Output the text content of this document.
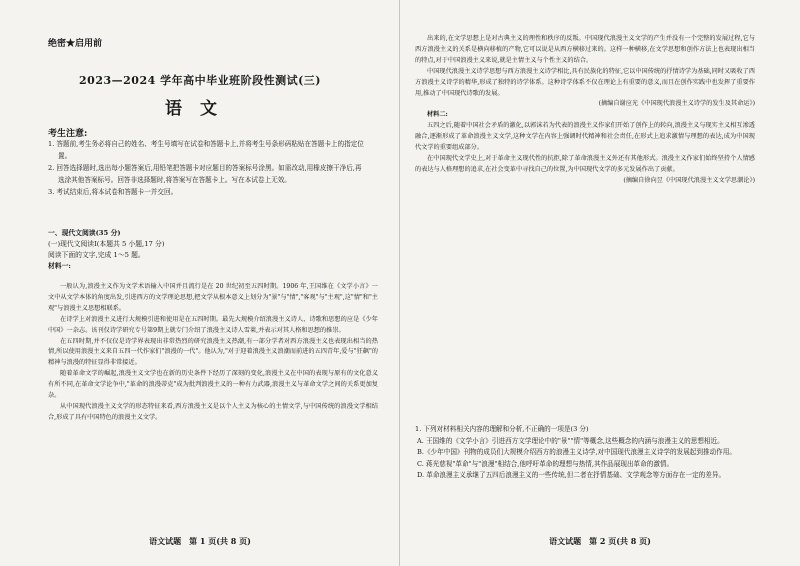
绝密★启用前
2023—2024 学年高中毕业班阶段性测试(三)
语文
考生注意:

1. 答题前,考生务必将自己的姓名、考生号填写在试卷和答题卡上,并将考生号条形码粘贴在答题卡上的指定位置。

2. 回答选择题时,选出每小题答案后,用铅笔把答题卡对应题目的答案标号涂黑。如需改动,用橡皮擦干净后,再选涂其他答案标号。回答非选择题时,将答案写在答题卡上。写在本试卷上无效。

3. 考试结束后,将本试卷和答题卡一并交回。

一、现代文阅读(35 分)

(一)现代文阅读Ⅰ(本题共 5 小题,17 分)

阅读下面的文字,完成 1～5 题。

材料一:

一般认为,浪漫主义作为文学术语输入中国并且流行是在 20 世纪初至五四时期。1906 年,王国维在《文学小言》一文中从文学本体的角度出发,引进西方的文学理论思想,把文学从根本意义上划分为"景"与"情","客观"与"主观",这"情"和"主观"与浪漫主义思想相联系。

在诗学上对浪漫主义进行大规模引进和使用是在五四时期。最先大规模介绍浪漫主义诗人、诗歌和思想的应是《少年中国》一杂志。该刊仅诗学研究专号第9期上就专门介绍了浪漫主义诗人雪莱,并表示对其人格和思想的推崇。

在五四时期,并不仅仅是诗学界表现出非常热烈的研究浪漫主义热潮,有一部分学者对西方浪漫主义也表现出相当的热情,所以使用浪漫主义来自五四一代作家们"浪漫的一代"。他认为,"对于迎着浪漫主义浪潮而前进的五四青年,爱与"狂飙"的精神与浪漫的特征显得非常接近。

随着革命文学的崛起,浪漫主义文学也在新的历史条件下经历了深刻的变化,浪漫主义在中国的表现与原有的文化意义有所不同,在革命文学论争中,"革命的浪漫蒂克"成为批判浪漫主义的一种有力武器,浪漫主义与革命文学之间的关系更加复杂。

从中国现代浪漫主义文学的形态特征来看,西方浪漫主义是以个人主义为核心的主情文学,与中国传统的浪漫文学相结合,形成了具有中国特色的浪漫主义文学。

语文试题　第 1 页(共 8 页)

出来的,在文学思想上是对古典主义的理性和秩序的反叛。中国现代浪漫主义文学的产生并没有一个完整的发展过程,它与西方浪漫主义的关系是横向移植的产物,它可以说是从西方横移过来的。这样一种横移,在文学思想和创作方法上也表现出相当的特点,对于中国浪漫主义来说,就是主情主义与个性主义的结合。

中国现代浪漫主义诗学思想与西方浪漫主义诗学相比,具有民族化的特征,它以中国传统的抒情诗学为基础,同时又吸收了西方浪漫主义诗学的精华,形成了独特的诗学体系。这种诗学体系不仅在理论上有重要的意义,而且在创作实践中也发挥了重要作用,推动了中国现代诗歌的发展。

(摘编自谢应光《中国现代浪漫主义诗学的发生及其命运》)

材料二:

五四之后,随着中国社会矛盾的激化,以郭沫若为代表的浪漫主义作家们开始了创作上的转向,浪漫主义与现实主义相互渗透融合,逐渐形成了革命浪漫主义文学,这种文学在内容上强调时代精神和社会责任,在形式上追求激情与理想的表达,成为中国现代文学的重要组成部分。

在中国现代文学史上,对于革命主义现代性的抗拒,除了革命浪漫主义外还有其他形式。浪漫主义作家们始终坚持个人情感的表达与人格理想的追求,在社会变革中寻找自己的位置,为中国现代文学的多元发展作出了贡献。

(摘编自徐向昱《中国现代浪漫主义文学思潮论》)

1. 下列对材料相关内容的理解和分析,不正确的一项是(3 分)

A. 王国维的《文学小言》引进西方文学理论中的"景""情"等概念,这些概念的内涵与浪漫主义的思想相近。

B.《少年中国》刊物的成员们大规模介绍西方的浪漫主义诗学,对中国现代浪漫主义诗学的发展起到推动作用。

C. 蒋光慈视"革命"与"浪漫"相结合,他呼吁革命的理想与热情,其作品展现出革命的激情。

D. 革命浪漫主义承继了五四后浪漫主义的一些传统,但二者在抒情基础、文学观念等方面存在一定的差异。

语文试题　第 2 页(共 8 页)
